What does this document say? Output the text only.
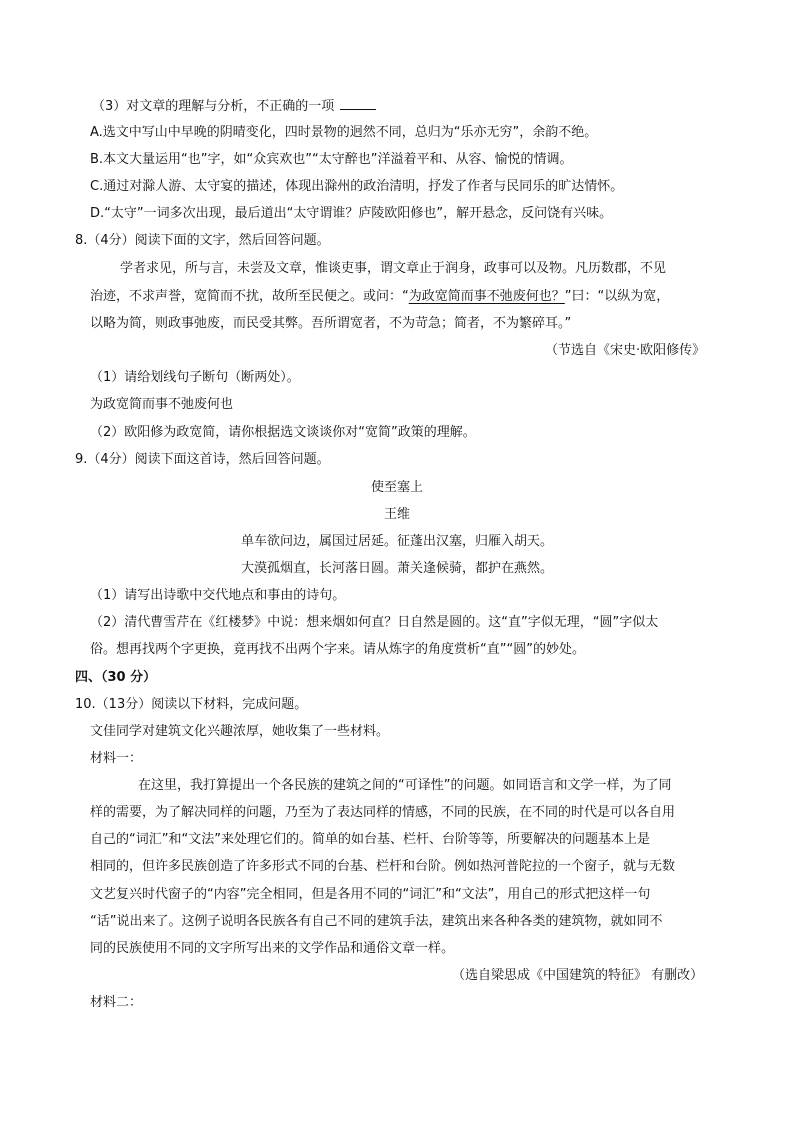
（3）对文章的理解与分析，不正确的一项
A.选文中写山中早晚的阴晴变化，四时景物的迥然不同，总归为“乐亦无穷”，余韵不绝。
B.本文大量运用“也”字，如“众宾欢也”“太守醉也”洋溢着平和、从容、愉悦的情调。
C.通过对滁人游、太守宴的描述，体现出滁州的政治清明，抒发了作者与民同乐的旷达情怀。
D.“太守”一词多次出现，最后道出“太守谓谁？庐陵欧阳修也”，解开悬念，反问饶有兴味。
8.（4分）阅读下面的文字，然后回答问题。
学者求见，所与言，未尝及文章，惟谈吏事，谓文章止于润身，政事可以及物。凡历数郡，不见
治迹，不求声誉，宽简而不扰，故所至民便之。或问：“为政宽简而事不弛废何也？”曰：“以纵为宽，
以略为简，则政事弛废，而民受其弊。吾所谓宽者，不为苛急；简者，不为繁碎耳。”
（节选自《宋史·欧阳修传》
（1）请给划线句子断句（断两处）。
为政宽简而事不弛废何也
（2）欧阳修为政宽简，请你根据选文谈谈你对“宽简”政策的理解。
9.（4分）阅读下面这首诗，然后回答问题。
使至塞上
王维
单车欲问边，属国过居延。征蓬出汉塞，归雁入胡天。
大漠孤烟直，长河落日圆。萧关逢候骑，都护在燕然。
（1）请写出诗歌中交代地点和事由的诗句。
（2）清代曹雪芹在《红楼梦》中说：想来烟如何直？日自然是圆的。这“直”字似无理，“圆”字似太
俗。想再找两个字更换，竟再找不出两个字来。请从炼字的角度赏析“直”“圆”的妙处。
四、（30 分）
10.（13分）阅读以下材料，完成问题。
文佳同学对建筑文化兴趣浓厚，她收集了一些材料。
材料一：
在这里，我打算提出一个各民族的建筑之间的“可译性”的问题。如同语言和文学一样，为了同
样的需要，为了解决同样的问题，乃至为了表达同样的情感，不同的民族，在不同的时代是可以各自用
自己的“词汇”和“文法”来处理它们的。简单的如台基、栏杆、台阶等等，所要解决的问题基本上是
相同的，但许多民族创造了许多形式不同的台基、栏杆和台阶。例如热河普陀拉的一个窗子，就与无数
文艺复兴时代窗子的“内容”完全相同，但是各用不同的“词汇”和“文法”，用自己的形式把这样一句
“话”说出来了。这例子说明各民族各有自己不同的建筑手法，建筑出来各种各类的建筑物，就如同不
同的民族使用不同的文字所写出来的文学作品和通俗文章一样。
（选自梁思成《中国建筑的特征》 有删改）
材料二：
